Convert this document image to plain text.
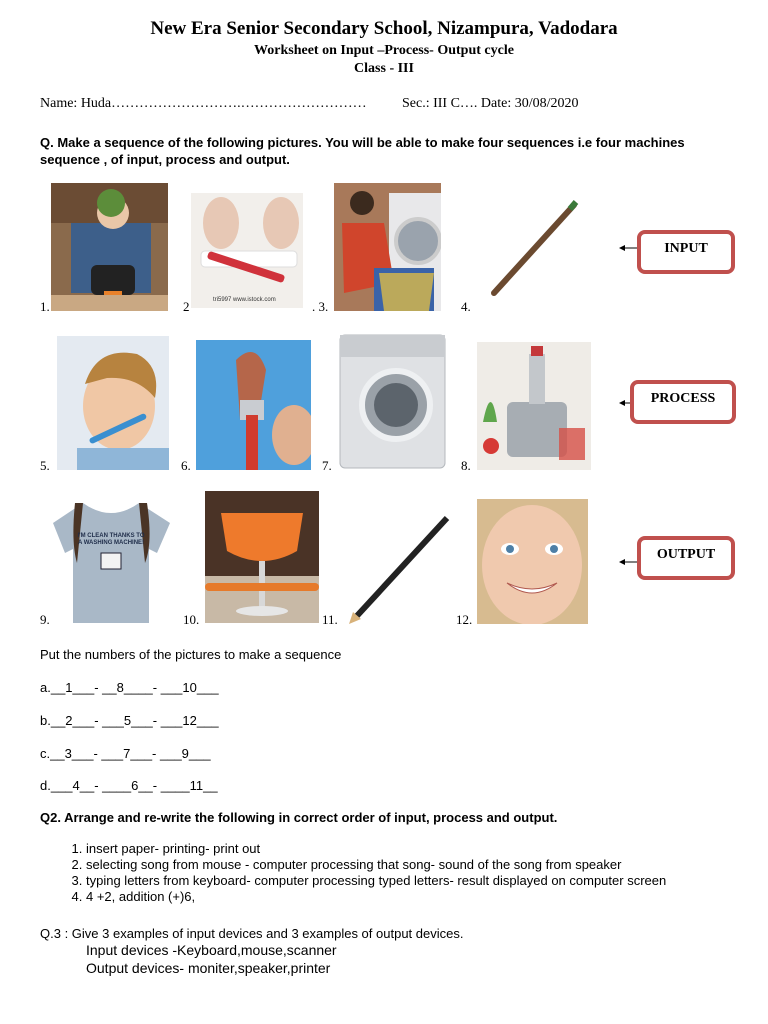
New Era Senior Secondary School, Nizampura, Vadodara
Worksheet on Input –Process- Output cycle
Class - III
Name: Huda……………………….………………………	Sec.: III C…. Date: 30/08/2020
Q. Make a sequence of the following pictures. You will be able to make four sequences i.e four machines sequence , of input, process and output.
1.	tri5997 www.istock.com
2	. 3.	4.
INPUT
5.	6.	7.	8.
PROCESS
I'M CLEAN THANKS TO A WASHING MACHINE!
9.	10.	11.	12.
OUTPUT
Put the numbers of the pictures to make a sequence
a.__1___- __8____- ___10___
b.__2___- ___5___- ___12___
c.__3___- ___7___- ___9___
d.___4__- ____6__- ____11__
Q2. Arrange and re-write the following in correct order of input, process and output.
1. insert paper- printing- print out
2. selecting song from mouse - computer processing that song- sound of the song from speaker
3. typing letters from keyboard- computer processing typed letters- result displayed on computer screen
4. 4 +2, addition (+)6,
Q.3 : Give 3 examples of input devices and 3 examples of output devices.
Input devices -Keyboard,mouse,scanner
Output devices- moniter,speaker,printer
